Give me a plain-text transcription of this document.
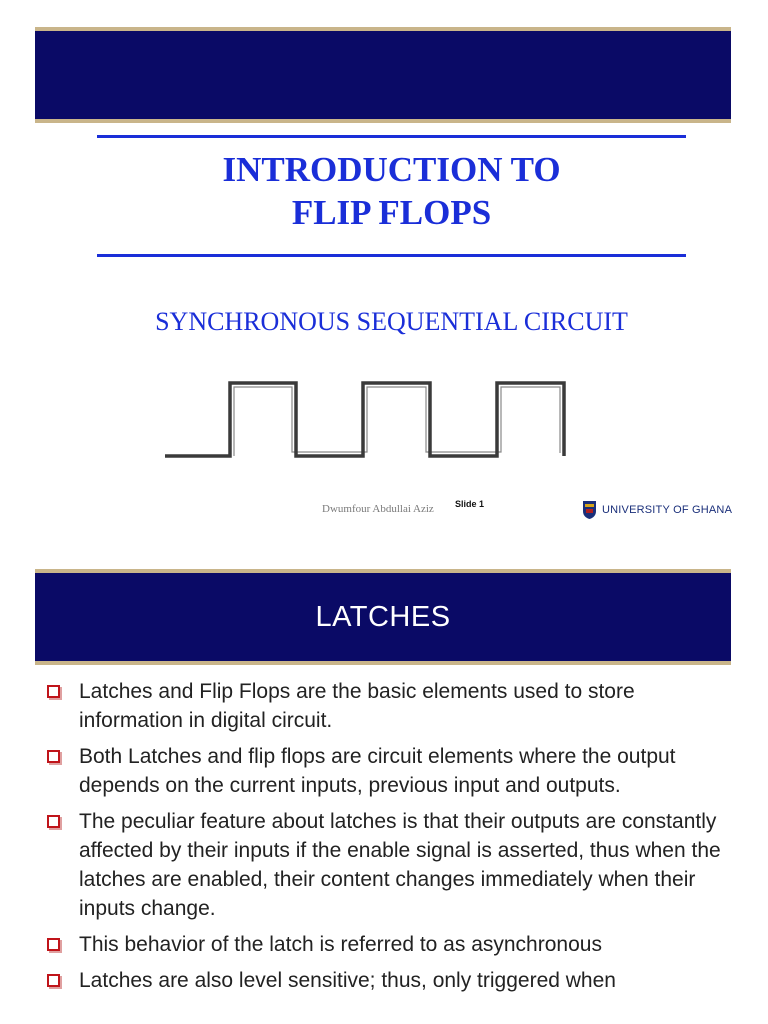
INTRODUCTION TO
FLIP FLOPS
SYNCHRONOUS SEQUENTIAL CIRCUIT
Dwumfour Abdullai Aziz Slide 1	UNIVERSITY OF GHANA
LATCHES
Latches and Flip Flops are the basic elements used to store information in digital circuit.
Both Latches and flip flops are circuit elements where the output depends on the current inputs, previous input and outputs.
The peculiar feature about latches is that their outputs are constantly affected by their inputs if the enable signal is asserted, thus when the latches are enabled, their content changes immediately when their inputs change.
This behavior of the latch is referred to as asynchronous
Latches are also level sensitive; thus, only triggered when
